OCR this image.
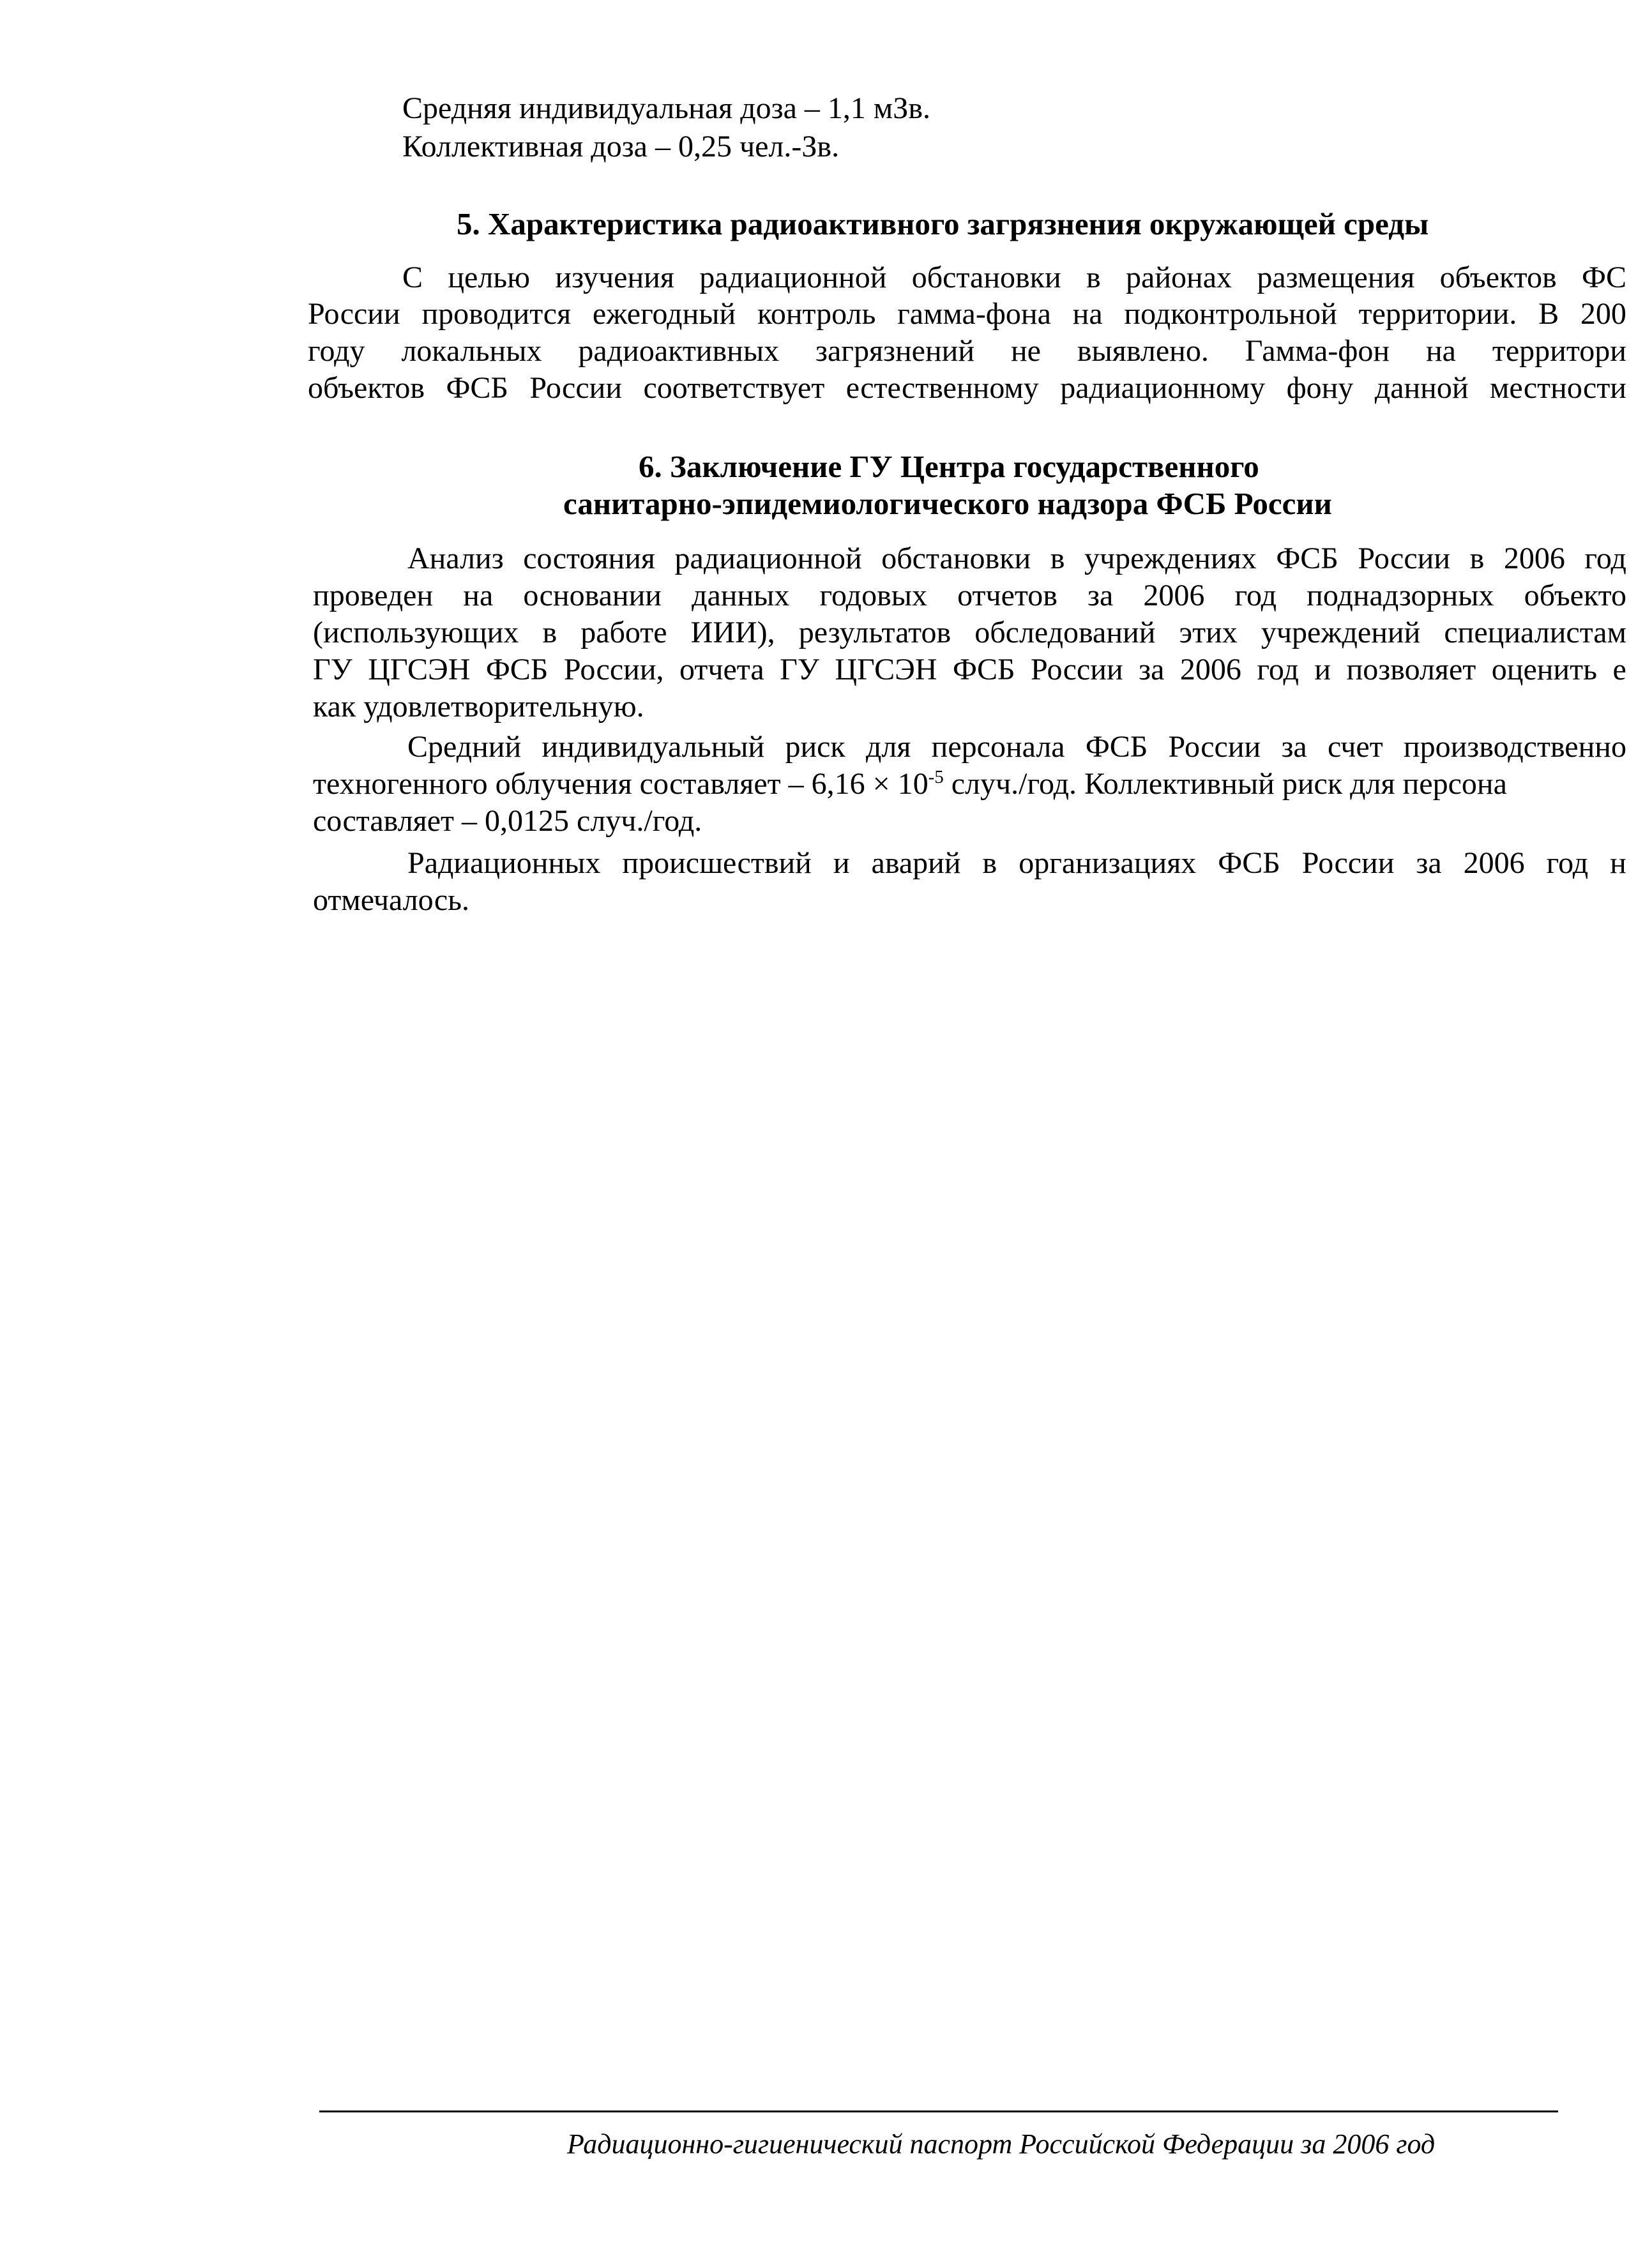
Средняя индивидуальная доза – 1,1 мЗв.
Коллективная доза – 0,25 чел.-Зв.
5. Характеристика радиоактивного загрязнения окружающей среды
С целью изучения радиационной обстановки в районах размещения объектов ФС
России проводится ежегодный контроль гамма-фона на подконтрольной территории. В 200
году локальных радиоактивных загрязнений не выявлено. Гамма-фон на территори
объектов ФСБ России соответствует естественному радиационному фону данной местности
6. Заключение ГУ Центра государственного
санитарно-эпидемиологического надзора ФСБ России
Анализ состояния радиационной обстановки в учреждениях ФСБ России в 2006 год
проведен на основании данных годовых отчетов за 2006 год поднадзорных объекто
(использующих в работе ИИИ), результатов обследований этих учреждений специалистам
ГУ ЦГСЭН ФСБ России, отчета ГУ ЦГСЭН ФСБ России за 2006 год и позволяет оценить е
как удовлетворительную.
Средний индивидуальный риск для персонала ФСБ России за счет производственно
техногенного облучения составляет – $6,16 \times 10^{-5}$ случ./год. Коллективный риск для персона
составляет – 0,0125 случ./год.
Радиационных происшествий и аварий в организациях ФСБ России за 2006 год н
отмечалось.
Радиационно-гигиенический паспорт Российской Федерации за 2006 год
